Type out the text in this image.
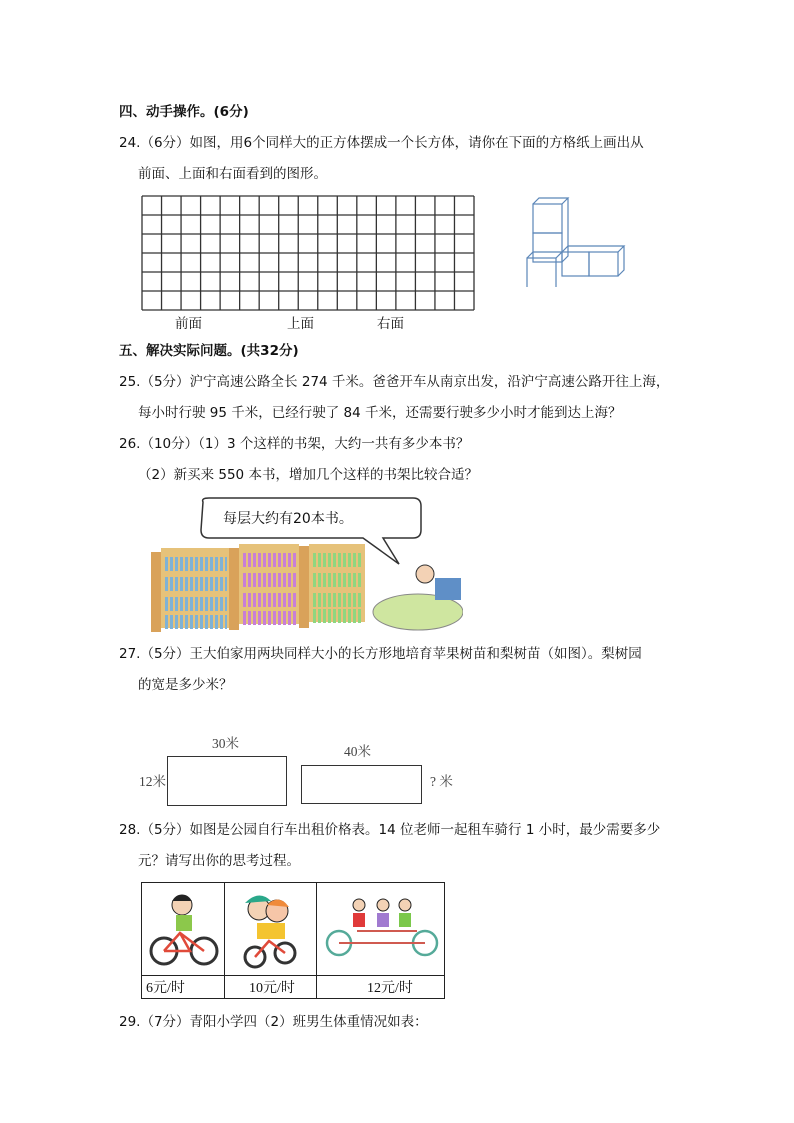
四、动手操作。(6分)
24.（6分）如图，用6个同样大的正方体摆成一个长方体，请你在下面的方格纸上画出从
前面、上面和右面看到的图形。
前面	上面	右面
五、解决实际问题。(共32分)
25.（5分）沪宁高速公路全长 274 千米。爸爸开车从南京出发，沿沪宁高速公路开往上海，
每小时行驶 95 千米，已经行驶了 84 千米，还需要行驶多少小时才能到达上海？
26.（10分）（1）3 个这样的书架，大约一共有多少本书？
（2）新买来 550 本书，增加几个这样的书架比较合适？
每层大约有20本书。
27.（5分）王大伯家用两块同样大小的长方形地培育苹果树苗和梨树苗（如图）。梨树园
的宽是多少米？
30米
12米
40米
? 米
28.（5分）如图是公园自行车出租价格表。14 位老师一起租车骑行 1 小时，最少需要多少
元？请写出你的思考过程。

6元/时	10元/时	12元/时
29.（7分）青阳小学四（2）班男生体重情况如表：
